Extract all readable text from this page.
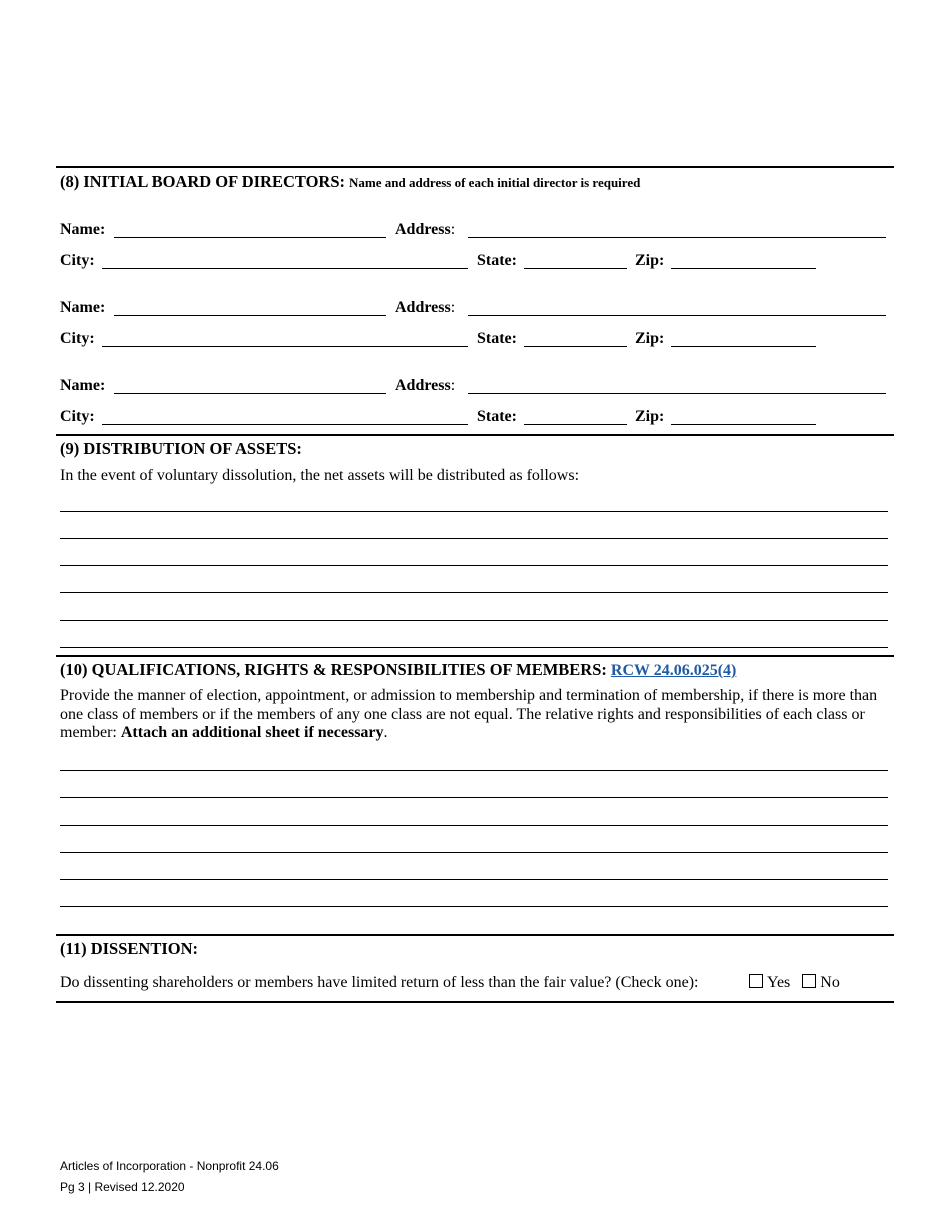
(8) INITIAL BOARD OF DIRECTORS: Name and address of each initial director is required
Name:	Address:
City:	State:	Zip:
Name:	Address:
City:	State:	Zip:
Name:	Address:
City:	State:	Zip:
(9) DISTRIBUTION OF ASSETS:
In the event of voluntary dissolution, the net assets will be distributed as follows:
(10) QUALIFICATIONS, RIGHTS & RESPONSIBILITIES OF MEMBERS: RCW 24.06.025(4)
Provide the manner of election, appointment, or admission to membership and termination of membership, if there is more than one class of members or if the members of any one class are not equal. The relative rights and responsibilities of each class or member: Attach an additional sheet if necessary.
(11) DISSENTION:
Do dissenting shareholders or members have limited return of less than the fair value? (Check one):	Yes No
Articles of Incorporation - Nonprofit 24.06
Pg 3 | Revised 12.2020
